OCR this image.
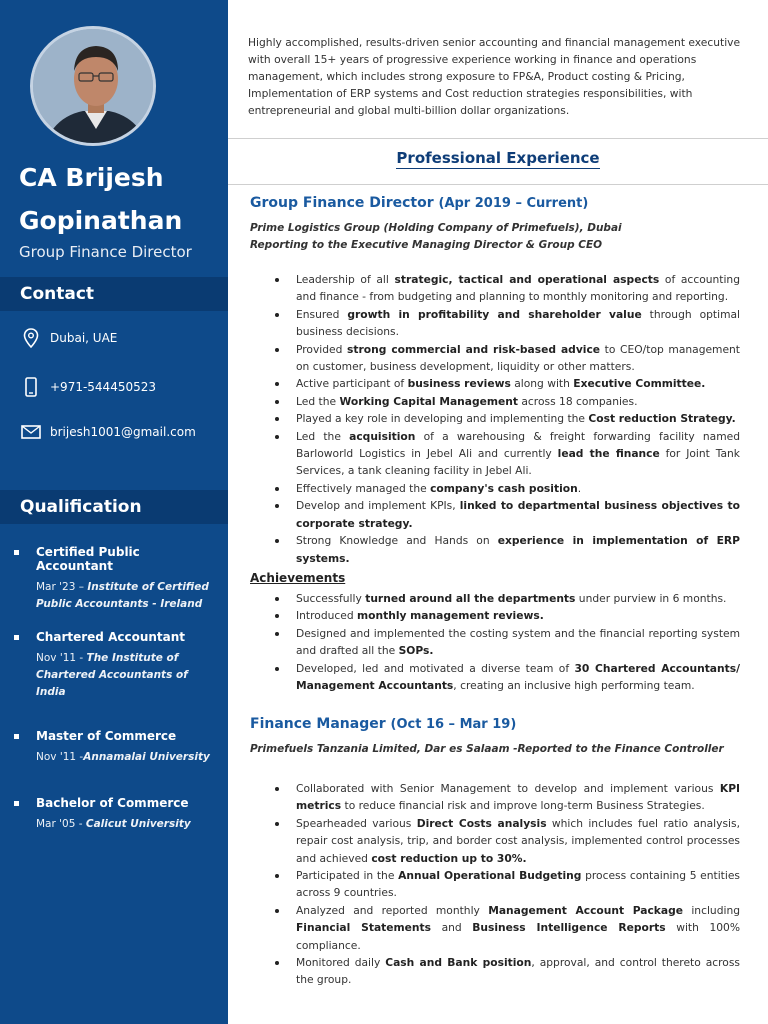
CA Brijesh Gopinathan
Group Finance Director
Contact
Dubai, UAE
+971-544450523
brijesh1001@gmail.com
Qualification
Certified Public Accountant
Mar '23 – Institute of Certified Public Accountants - Ireland
Chartered Accountant
Nov '11 - The Institute of Chartered Accountants of India
Master of Commerce
Nov '11 -Annamalai University
Bachelor of Commerce
Mar '05 - Calicut University
Highly accomplished, results-driven senior accounting and financial management executive with overall 15+ years of progressive experience working in finance and operations management, which includes strong exposure to FP&A, Product costing & Pricing, Implementation of ERP systems and Cost reduction strategies responsibilities, with entrepreneurial and global multi-billion dollar organizations.
Professional Experience
Group Finance Director (Apr 2019 – Current)
Prime Logistics Group (Holding Company of Primefuels), Dubai
Reporting to the Executive Managing Director & Group CEO
Leadership of all strategic, tactical and operational aspects of accounting and finance - from budgeting and planning to monthly monitoring and reporting.
Ensured growth in profitability and shareholder value through optimal business decisions.
Provided strong commercial and risk-based advice to CEO/top management on customer, business development, liquidity or other matters.
Active participant of business reviews along with Executive Committee.
Led the Working Capital Management across 18 companies.
Played a key role in developing and implementing the Cost reduction Strategy.
Led the acquisition of a warehousing & freight forwarding facility named Barloworld Logistics in Jebel Ali and currently lead the finance for Joint Tank Services, a tank cleaning facility in Jebel Ali.
Effectively managed the company's cash position.
Develop and implement KPIs, linked to departmental business objectives to corporate strategy.
Strong Knowledge and Hands on experience in implementation of ERP systems.
Achievements
Successfully turned around all the departments under purview in 6 months.
Introduced monthly management reviews.
Designed and implemented the costing system and the financial reporting system and drafted all the SOPs.
Developed, led and motivated a diverse team of 30 Chartered Accountants/ Management Accountants, creating an inclusive high performing team.
Finance Manager (Oct 16 – Mar 19)
Primefuels Tanzania Limited, Dar es Salaam -Reported to the Finance Controller
Collaborated with Senior Management to develop and implement various KPI metrics to reduce financial risk and improve long-term Business Strategies.
Spearheaded various Direct Costs analysis which includes fuel ratio analysis, repair cost analysis, trip, and border cost analysis, implemented control processes and achieved cost reduction up to 30%.
Participated in the Annual Operational Budgeting process containing 5 entities across 9 countries.
Analyzed and reported monthly Management Account Package including Financial Statements and Business Intelligence Reports with 100% compliance.
Monitored daily Cash and Bank position, approval, and control thereto across the group.
